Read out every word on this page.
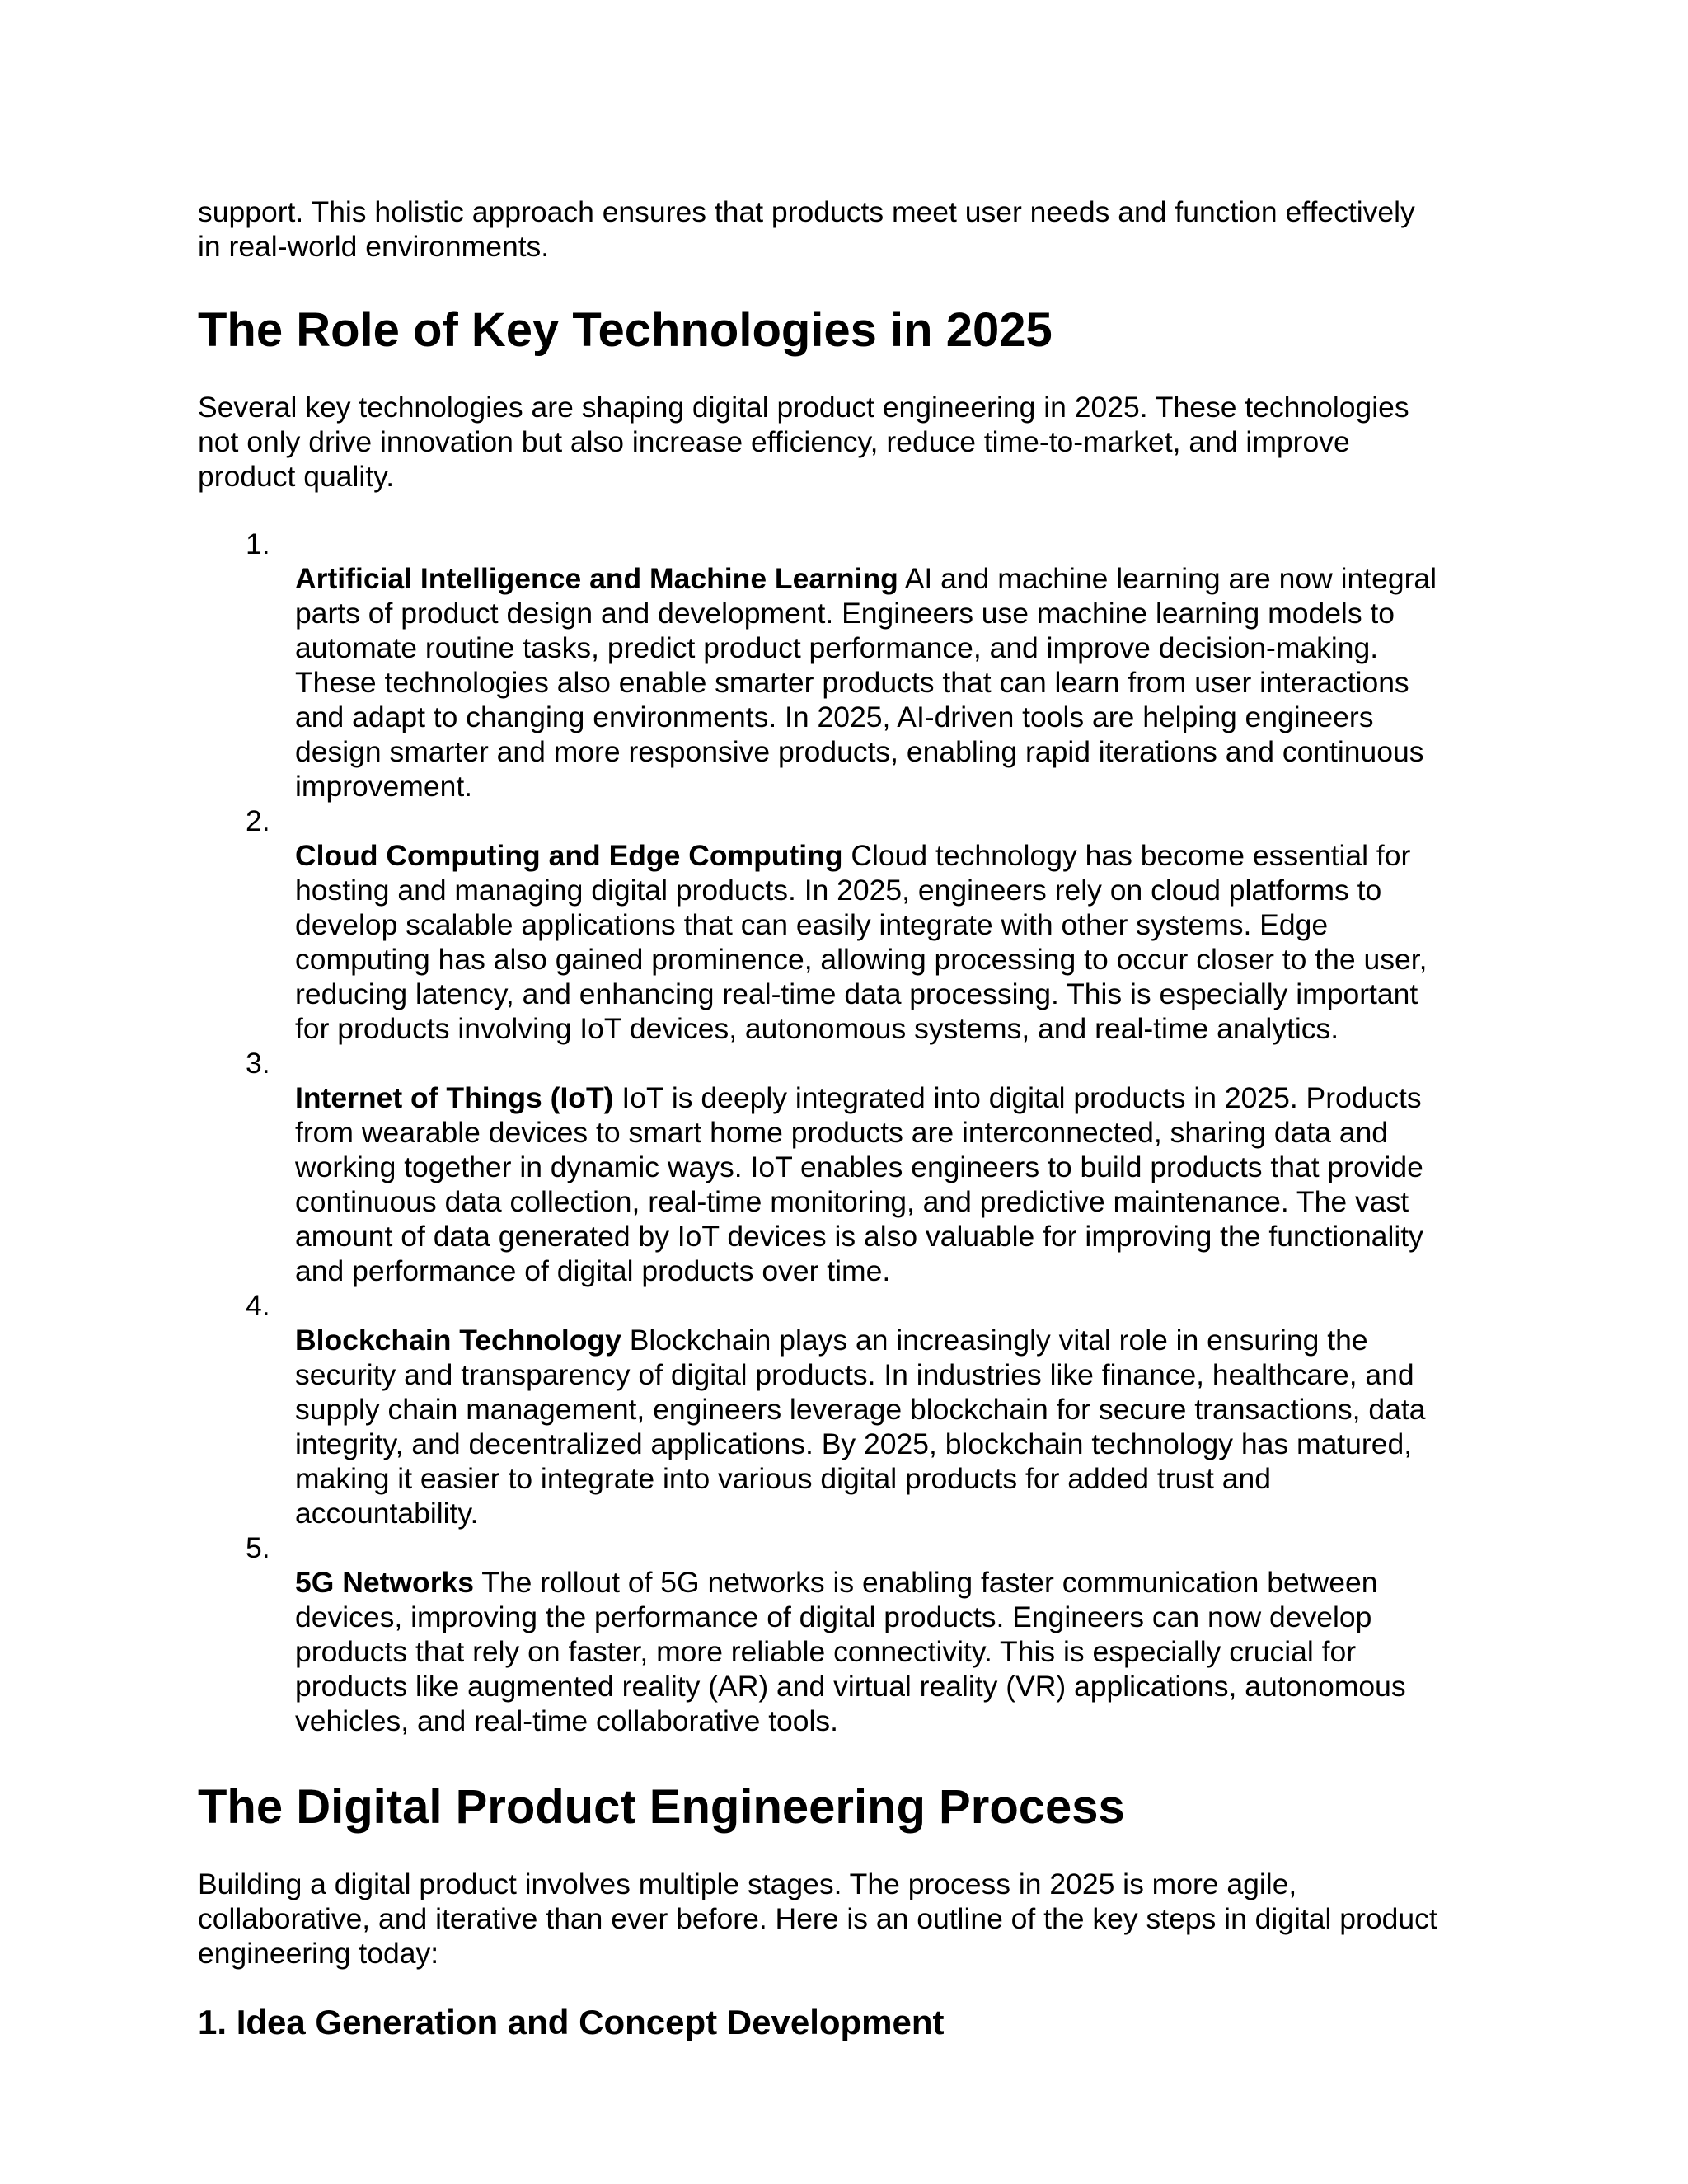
support. This holistic approach ensures that products meet user needs and function effectively
in real-world environments.

The Role of Key Technologies in 2025

Several key technologies are shaping digital product engineering in 2025. These technologies
not only drive innovation but also increase efficiency, reduce time-to-market, and improve
product quality.

1.
Artificial Intelligence and Machine Learning AI and machine learning are now integral
parts of product design and development. Engineers use machine learning models to
automate routine tasks, predict product performance, and improve decision-making.
These technologies also enable smarter products that can learn from user interactions
and adapt to changing environments. In 2025, AI-driven tools are helping engineers
design smarter and more responsive products, enabling rapid iterations and continuous
improvement.

2.
Cloud Computing and Edge Computing Cloud technology has become essential for
hosting and managing digital products. In 2025, engineers rely on cloud platforms to
develop scalable applications that can easily integrate with other systems. Edge
computing has also gained prominence, allowing processing to occur closer to the user,
reducing latency, and enhancing real-time data processing. This is especially important
for products involving IoT devices, autonomous systems, and real-time analytics.

3.
Internet of Things (IoT) IoT is deeply integrated into digital products in 2025. Products
from wearable devices to smart home products are interconnected, sharing data and
working together in dynamic ways. IoT enables engineers to build products that provide
continuous data collection, real-time monitoring, and predictive maintenance. The vast
amount of data generated by IoT devices is also valuable for improving the functionality
and performance of digital products over time.

4.
Blockchain Technology Blockchain plays an increasingly vital role in ensuring the
security and transparency of digital products. In industries like finance, healthcare, and
supply chain management, engineers leverage blockchain for secure transactions, data
integrity, and decentralized applications. By 2025, blockchain technology has matured,
making it easier to integrate into various digital products for added trust and
accountability.

5.
5G Networks The rollout of 5G networks is enabling faster communication between
devices, improving the performance of digital products. Engineers can now develop
products that rely on faster, more reliable connectivity. This is especially crucial for
products like augmented reality (AR) and virtual reality (VR) applications, autonomous
vehicles, and real-time collaborative tools.

The Digital Product Engineering Process

Building a digital product involves multiple stages. The process in 2025 is more agile,
collaborative, and iterative than ever before. Here is an outline of the key steps in digital product
engineering today:

1. Idea Generation and Concept Development
